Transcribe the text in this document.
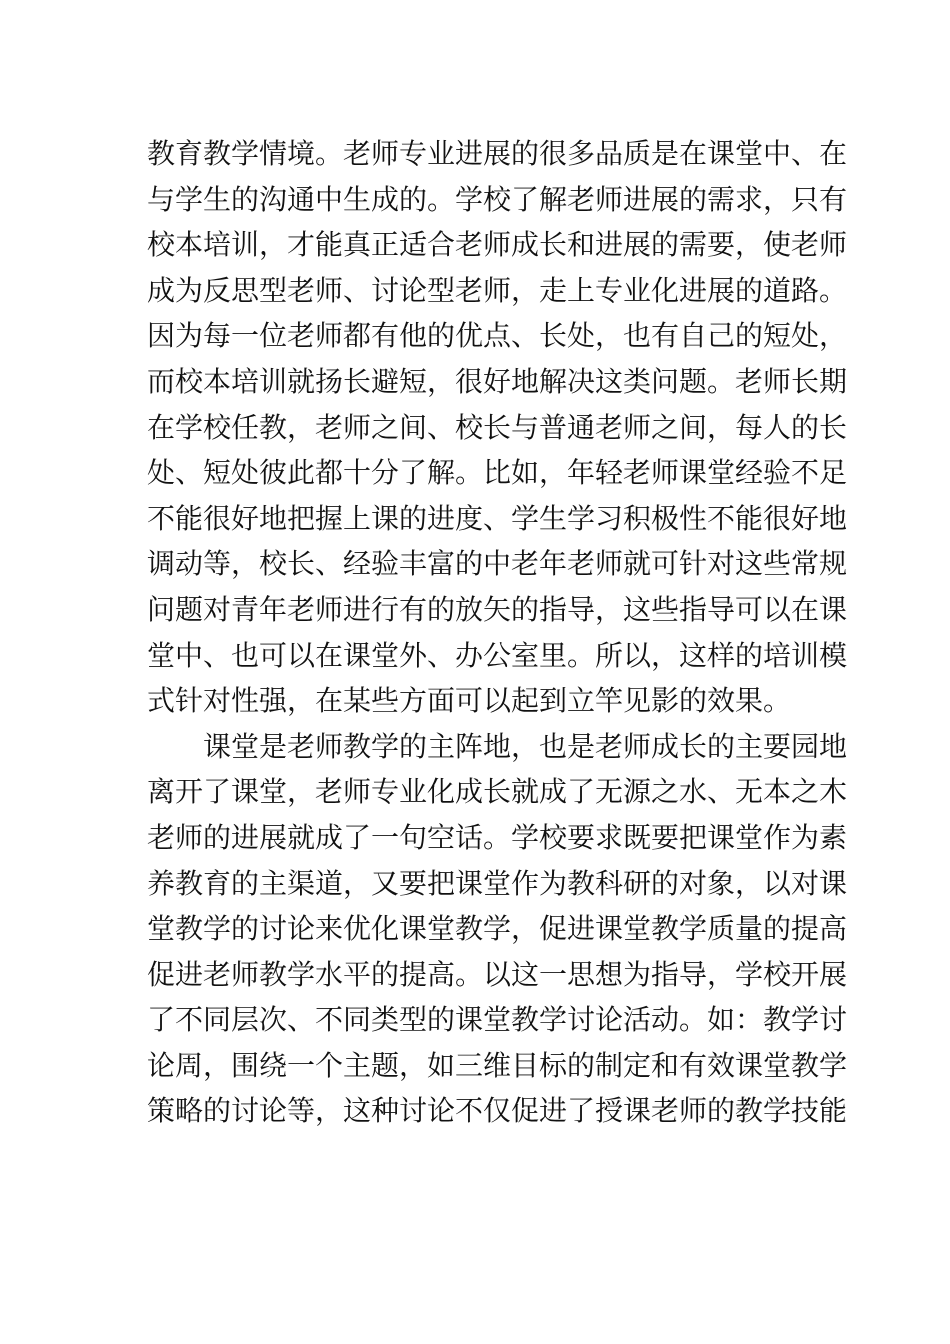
教育教学情境。老师专业进展的很多品质是在课堂中、在
与学生的沟通中生成的。学校了解老师进展的需求，只有
校本培训，才能真正适合老师成长和进展的需要，使老师
成为反思型老师、讨论型老师，走上专业化进展的道路。
因为每一位老师都有他的优点、长处，也有自己的短处，
而校本培训就扬长避短，很好地解决这类问题。老师长期
在学校任教，老师之间、校长与普通老师之间，每人的长
处、短处彼此都十分了解。比如，年轻老师课堂经验不足
不能很好地把握上课的进度、学生学习积极性不能很好地
调动等，校长、经验丰富的中老年老师就可针对这些常规
问题对青年老师进行有的放矢的指导，这些指导可以在课
堂中、也可以在课堂外、办公室里。所以，这样的培训模
式针对性强，在某些方面可以起到立竿见影的效果。
课堂是老师教学的主阵地，也是老师成长的主要园地
离开了课堂，老师专业化成长就成了无源之水、无本之木
老师的进展就成了一句空话。学校要求既要把课堂作为素
养教育的主渠道，又要把课堂作为教科研的对象，以对课
堂教学的讨论来优化课堂教学，促进课堂教学质量的提高
促进老师教学水平的提高。以这一思想为指导，学校开展
了不同层次、不同类型的课堂教学讨论活动。如：教学讨
论周，围绕一个主题，如三维目标的制定和有效课堂教学
策略的讨论等，这种讨论不仅促进了授课老师的教学技能
